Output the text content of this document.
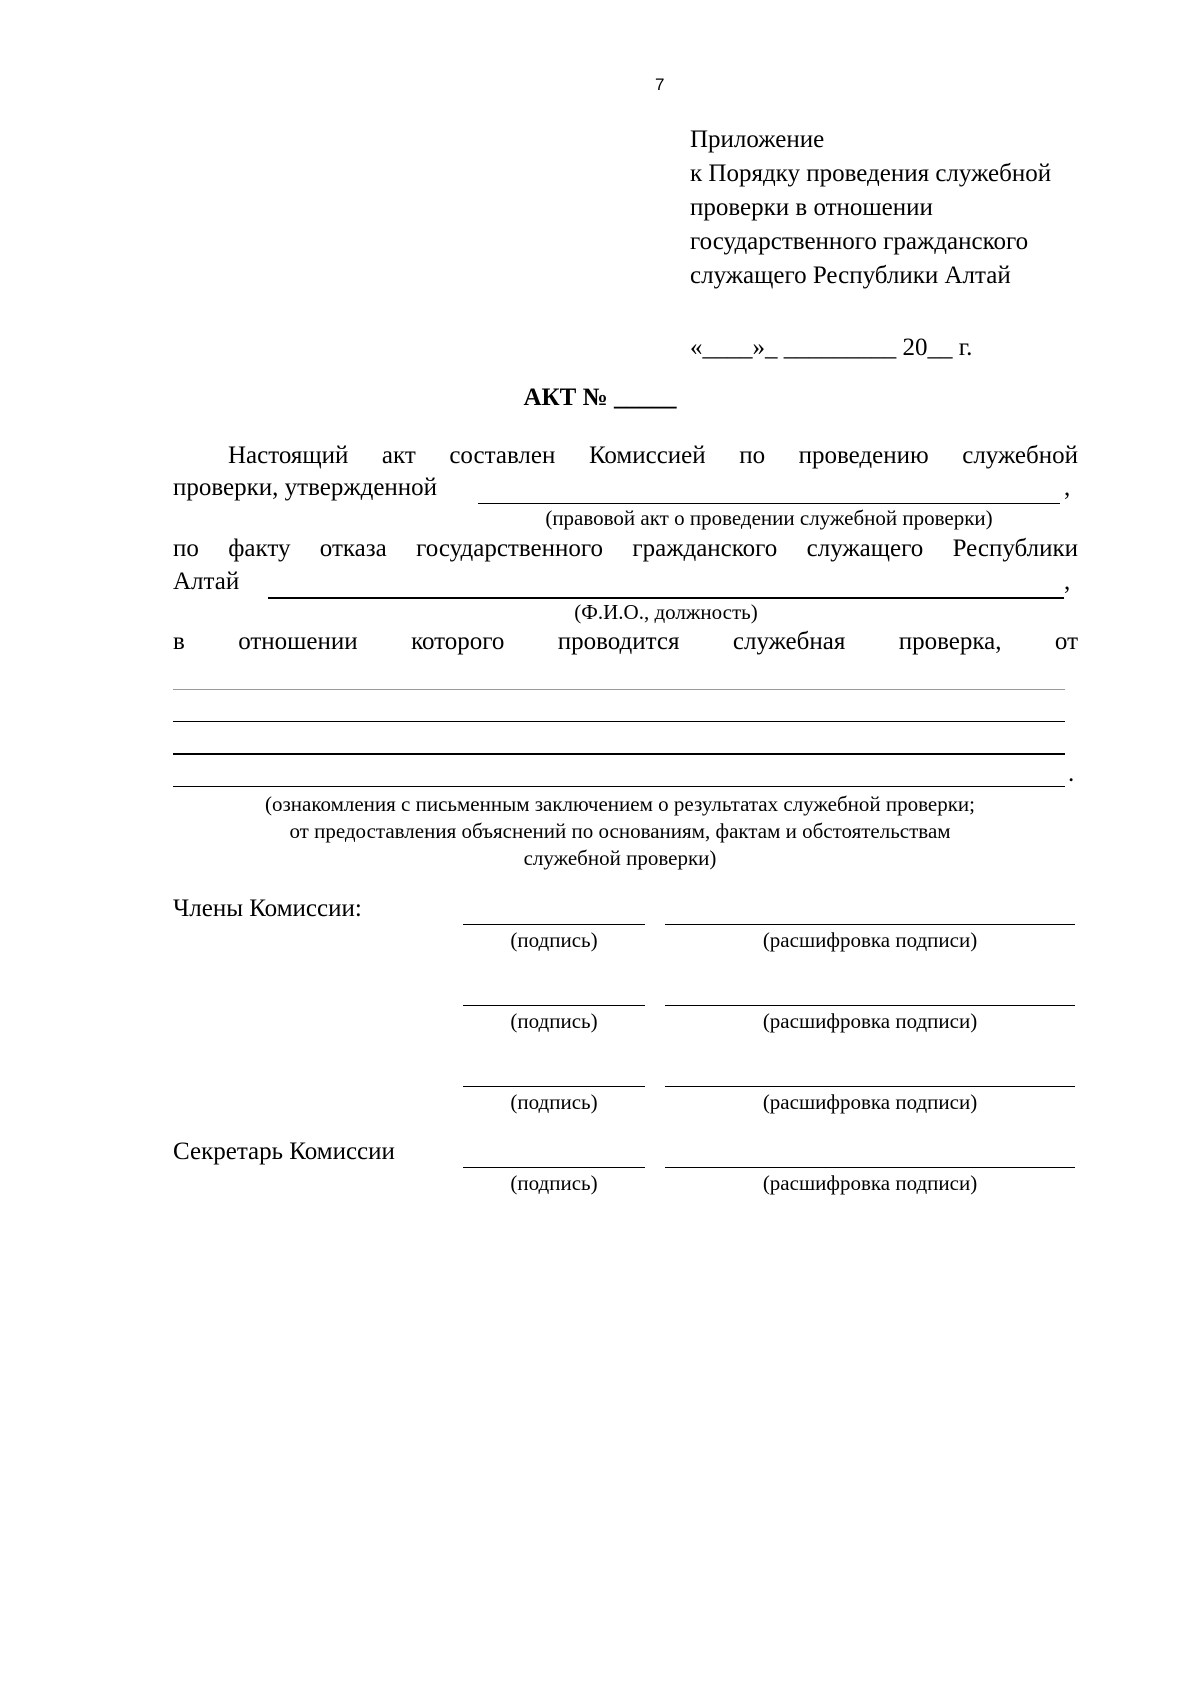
7
Приложение
к Порядку проведения служебной
проверки в отношении
государственного гражданского
служащего Республики Алтай
«____»_ _________ 20__ г.
АКТ № _____
Настоящий акт составлен Комиссией по проведению служебной
проверки, утвержденной	,
(правовой акт о проведении служебной проверки)
по факту отказа государственного гражданского служащего Республики
Алтай	,
(Ф.И.О., должность)
в отношении которого проводится служебная проверка, от
.
(ознакомления с письменным заключением о результатах служебной проверки;
от предоставления объяснений по основаниям, фактам и обстоятельствам
служебной проверки)
Члены Комиссии:
(подпись)	(расшифровка подписи)
(подпись)	(расшифровка подписи)
(подпись)	(расшифровка подписи)
Секретарь Комиссии
(подпись)	(расшифровка подписи)
